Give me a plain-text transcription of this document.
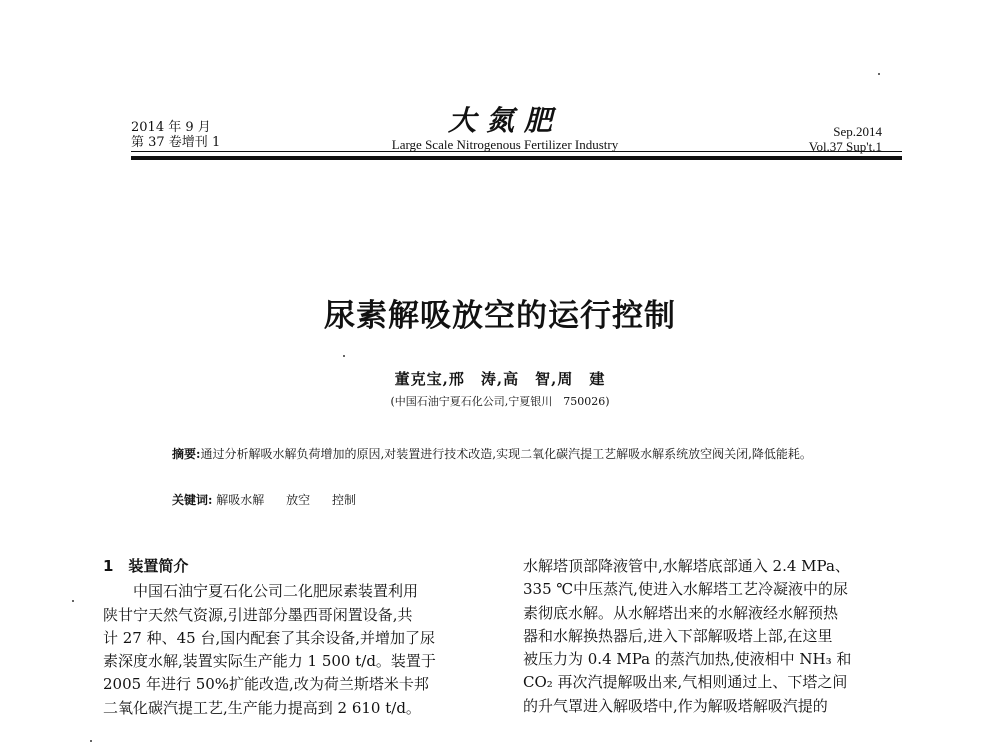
2014 年 9 月
第 37 卷增刊 1
大氮肥
Large Scale Nitrogenous Fertilizer Industry
Sep.2014
Vol.37 Sup't.1
尿素解吸放空的运行控制
董克宝,邢　涛,高　智,周　建
(中国石油宁夏石化公司,宁夏银川　750026)
摘要:通过分析解吸水解负荷增加的原因,对装置进行技术改造,实现二氧化碳汽提工艺解吸水解系统放空阀关闭,降低能耗。
关键词: 解吸水解 放空 控制
1　装置简介
中国石油宁夏石化公司二化肥尿素装置利用
陕甘宁天然气资源,引进部分墨西哥闲置设备,共
计 27 种、45 台,国内配套了其余设备,并增加了尿
素深度水解,装置实际生产能力 1 500 t/d。装置于
2005 年进行 50%扩能改造,改为荷兰斯塔米卡邦
二氧化碳汽提工艺,生产能力提高到 2 610 t/d。
水解塔顶部降液管中,水解塔底部通入 2.4 MPa、
335 ℃中压蒸汽,使进入水解塔工艺冷凝液中的尿
素彻底水解。从水解塔出来的水解液经水解预热
器和水解换热器后,进入下部解吸塔上部,在这里
被压力为 0.4 MPa 的蒸汽加热,使液相中 NH₃ 和
CO₂ 再次汽提解吸出来,气相则通过上、下塔之间
的升气罩进入解吸塔中,作为解吸塔解吸汽提的
